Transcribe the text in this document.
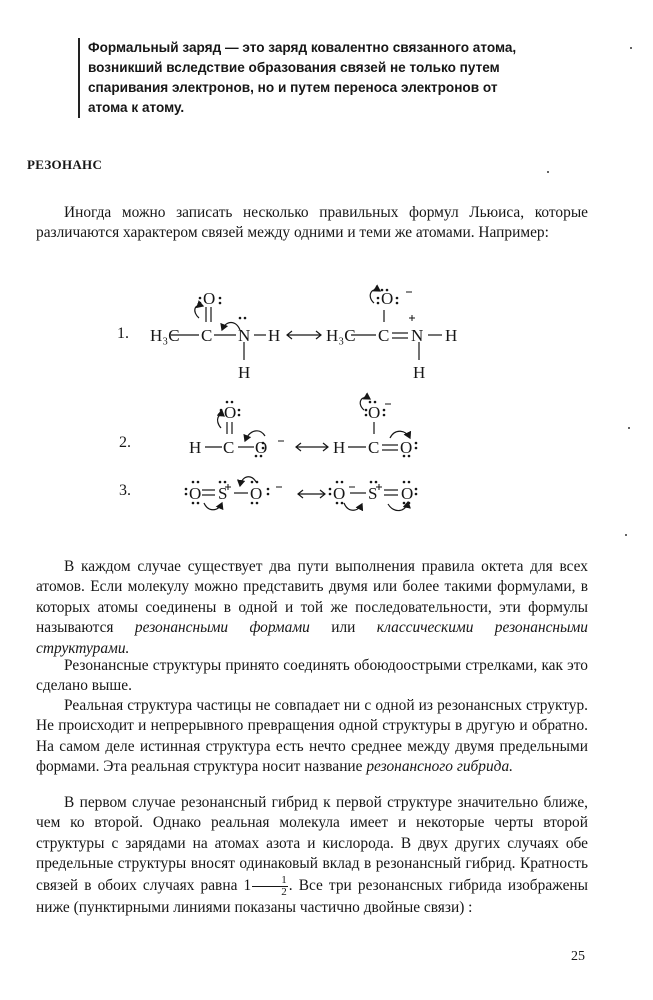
Формальный заряд — это заряд ковалентно связанного атома,
возникший вследствие образования связей не только путем
спаривания электронов, но и путем переноса электронов от
атома к атому.
РЕЗОНАНС
Иногда можно записать несколько правильных формул Льюиса, которые различаются характером связей между одними и теми же атомами. Например:
1.
2.
3.
H₃C C
O
N H
H
H₃C C
O
N H
H
H C
O
O	H C
O
O
O S O	O S O
В каждом случае существует два пути выполнения правила октета для всех атомов. Если молекулу можно представить двумя или более такими формулами, в которых атомы соединены в одной и той же последовательности, эти формулы называются резонансными формами или классическими резонансными структурами.
Резонансные структуры принято соединять обоюдоострыми стрелками, как это сделано выше.
Реальная структура частицы не совпадает ни с одной из резонансных структур. Не происходит и непрерывного превращения одной структуры в другую и обратно. На самом деле истинная структура есть нечто среднее между двумя предельными формами. Эта реальная структура носит название резонансного гибрида.
В первом случае резонансный гибрид к первой структуре значительно ближе, чем ко второй. Однако реальная молекула имеет и некоторые черты второй структуры с зарядами на атомах азота и кислорода. В двух других случаях обе предельные структуры вносят одинаковый вклад в резонансный гибрид. Кратность связей в обоих случаях равна $1 \frac{1}{2}$ . Все три резонансных гибрида изображены ниже (пунктирными линиями показаны частично двойные связи) :
25
